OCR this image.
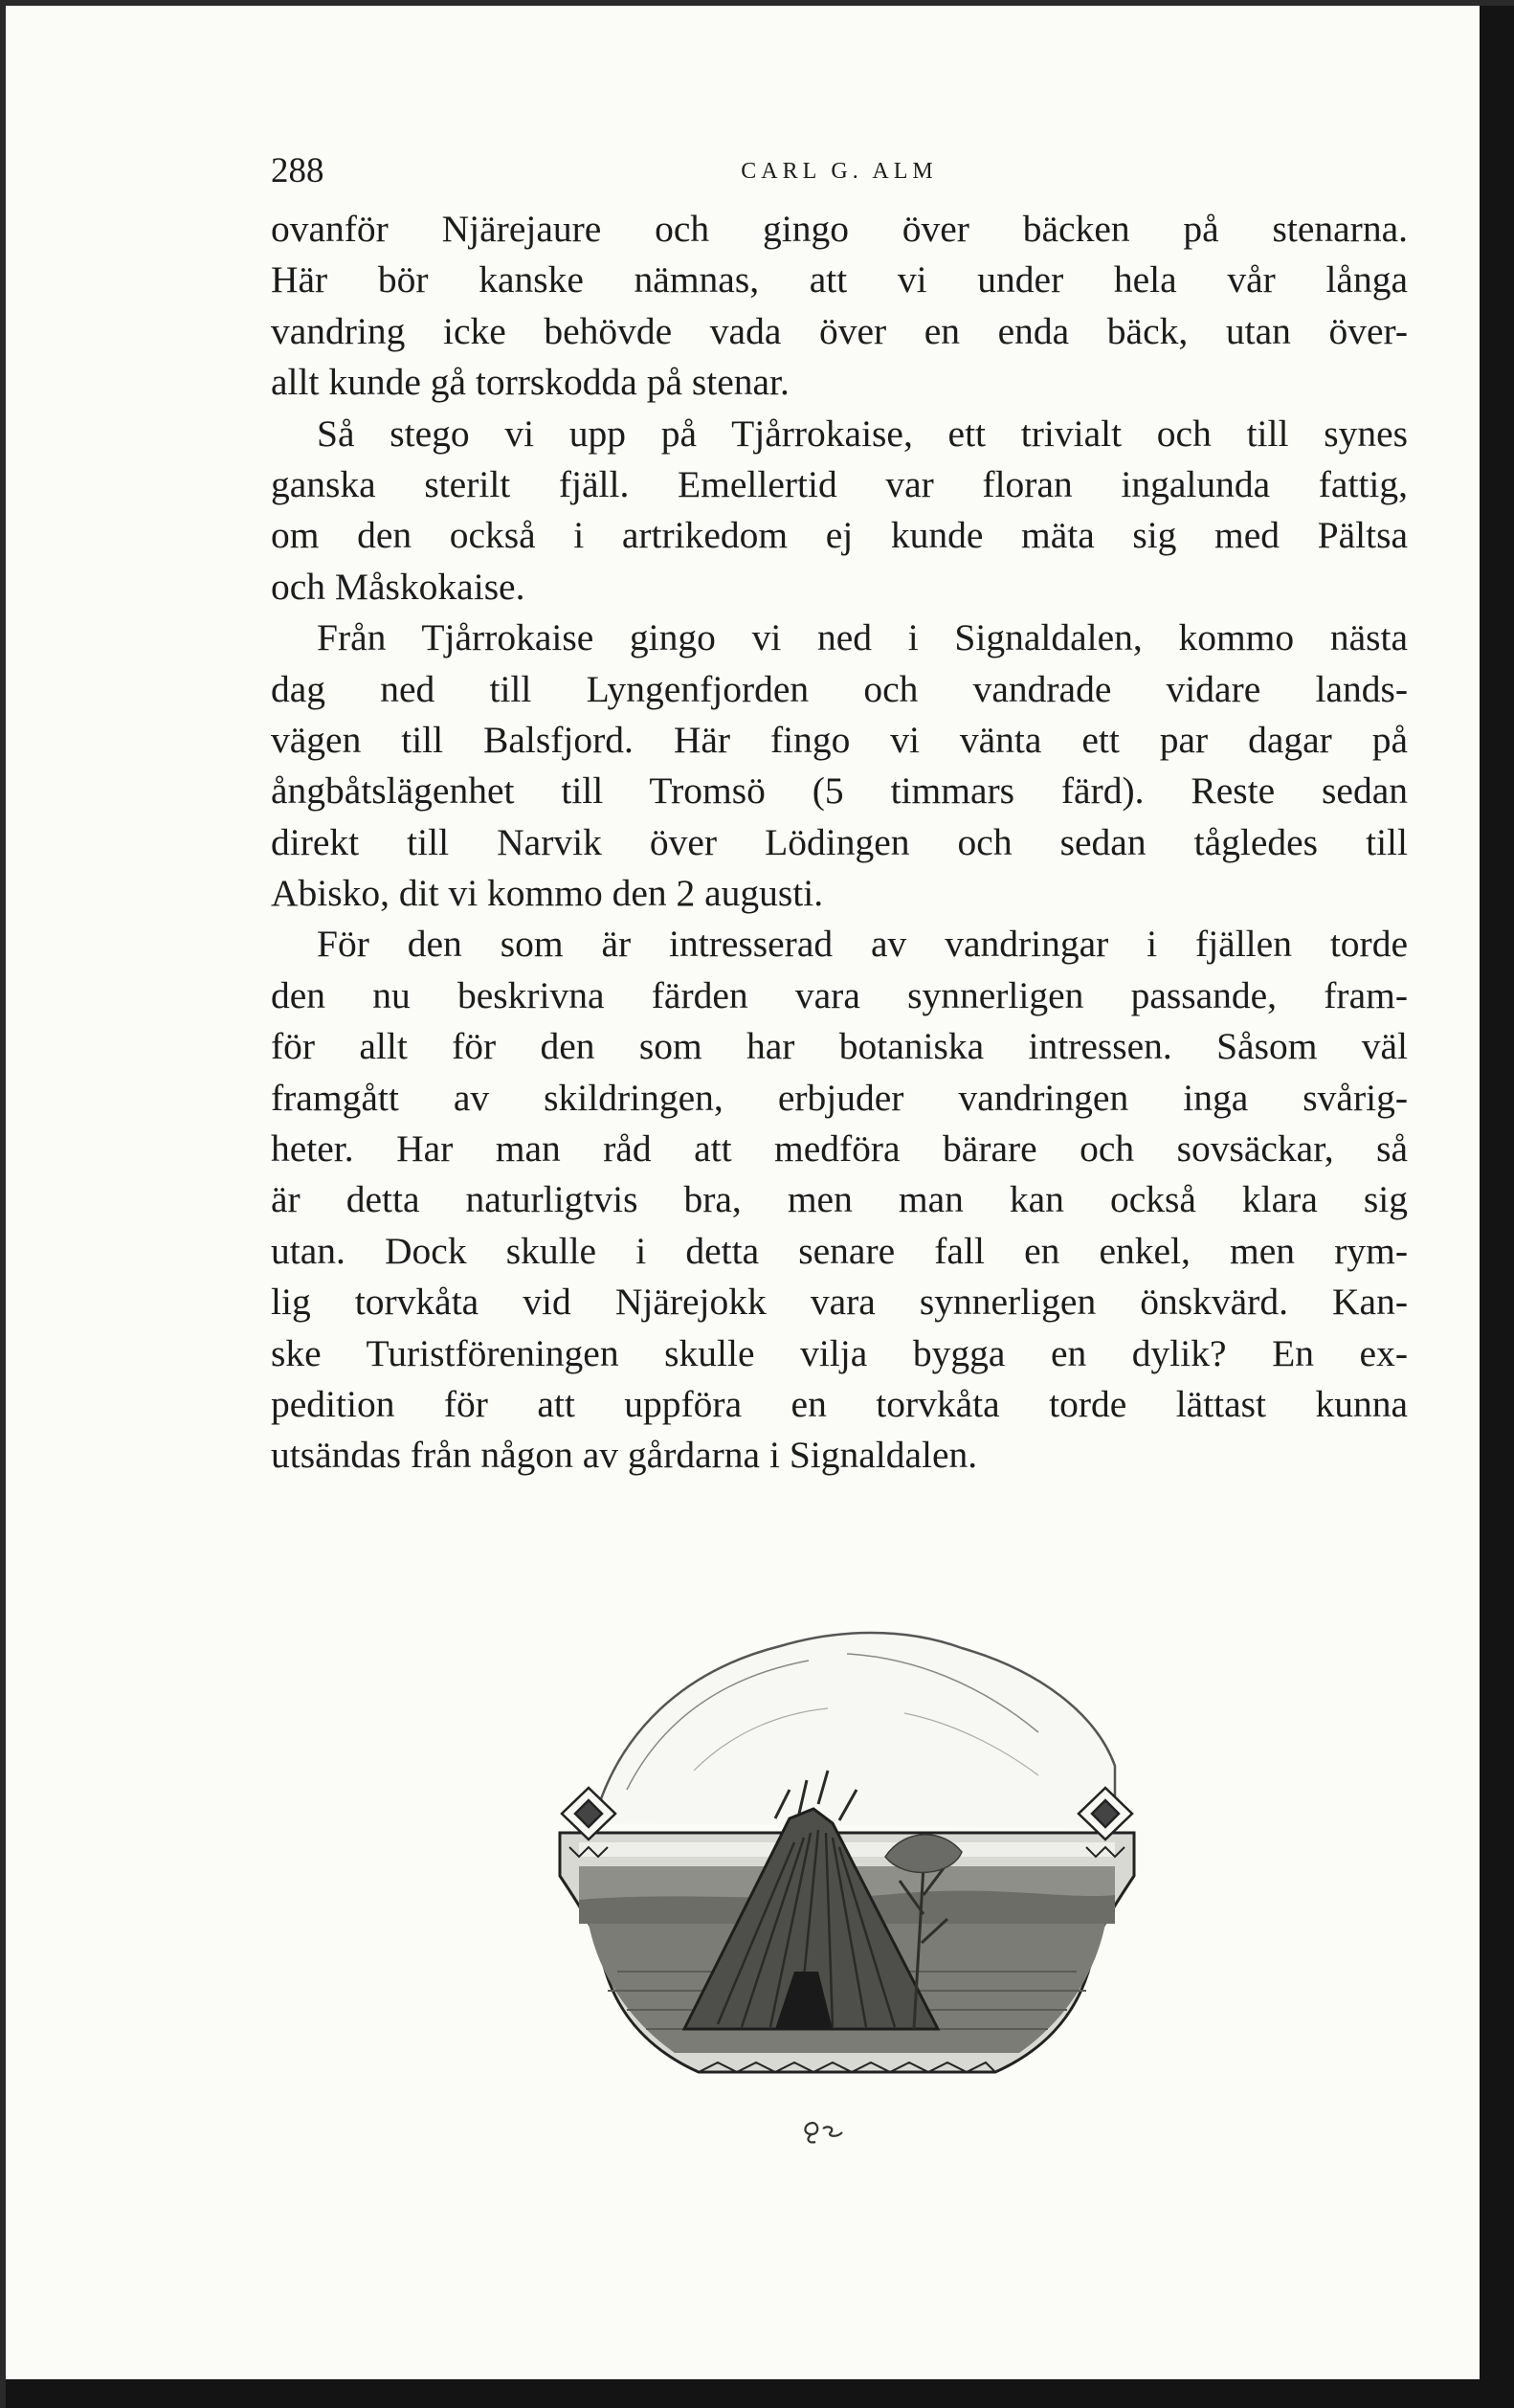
288	CARL G. ALM
ovanför Njärejaure och gingo över bäcken på stenarna.
Här bör kanske nämnas, att vi under hela vår långa
vandring icke behövde vada över en enda bäck, utan över-
allt kunde gå torrskodda på stenar.
Så stego vi upp på Tjårrokaise, ett trivialt och till synes
ganska sterilt fjäll. Emellertid var floran ingalunda fattig,
om den också i artrikedom ej kunde mäta sig med Pältsa
och Måskokaise.
Från Tjårrokaise gingo vi ned i Signaldalen, kommo nästa
dag ned till Lyngenfjorden och vandrade vidare lands-
vägen till Balsfjord. Här fingo vi vänta ett par dagar på
ångbåtslägenhet till Tromsö (5 timmars färd). Reste sedan
direkt till Narvik över Lödingen och sedan tågledes till
Abisko, dit vi kommo den 2 augusti.
För den som är intresserad av vandringar i fjällen torde
den nu beskrivna färden vara synnerligen passande, fram-
för allt för den som har botaniska intressen. Såsom väl
framgått av skildringen, erbjuder vandringen inga svårig-
heter. Har man råd att medföra bärare och sovsäckar, så
är detta naturligtvis bra, men man kan också klara sig
utan. Dock skulle i detta senare fall en enkel, men rym-
lig torvkåta vid Njärejokk vara synnerligen önskvärd. Kan-
ske Turistföreningen skulle vilja bygga en dylik? En ex-
pedition för att uppföra en torvkåta torde lättast kunna
utsändas från någon av gårdarna i Signaldalen.
